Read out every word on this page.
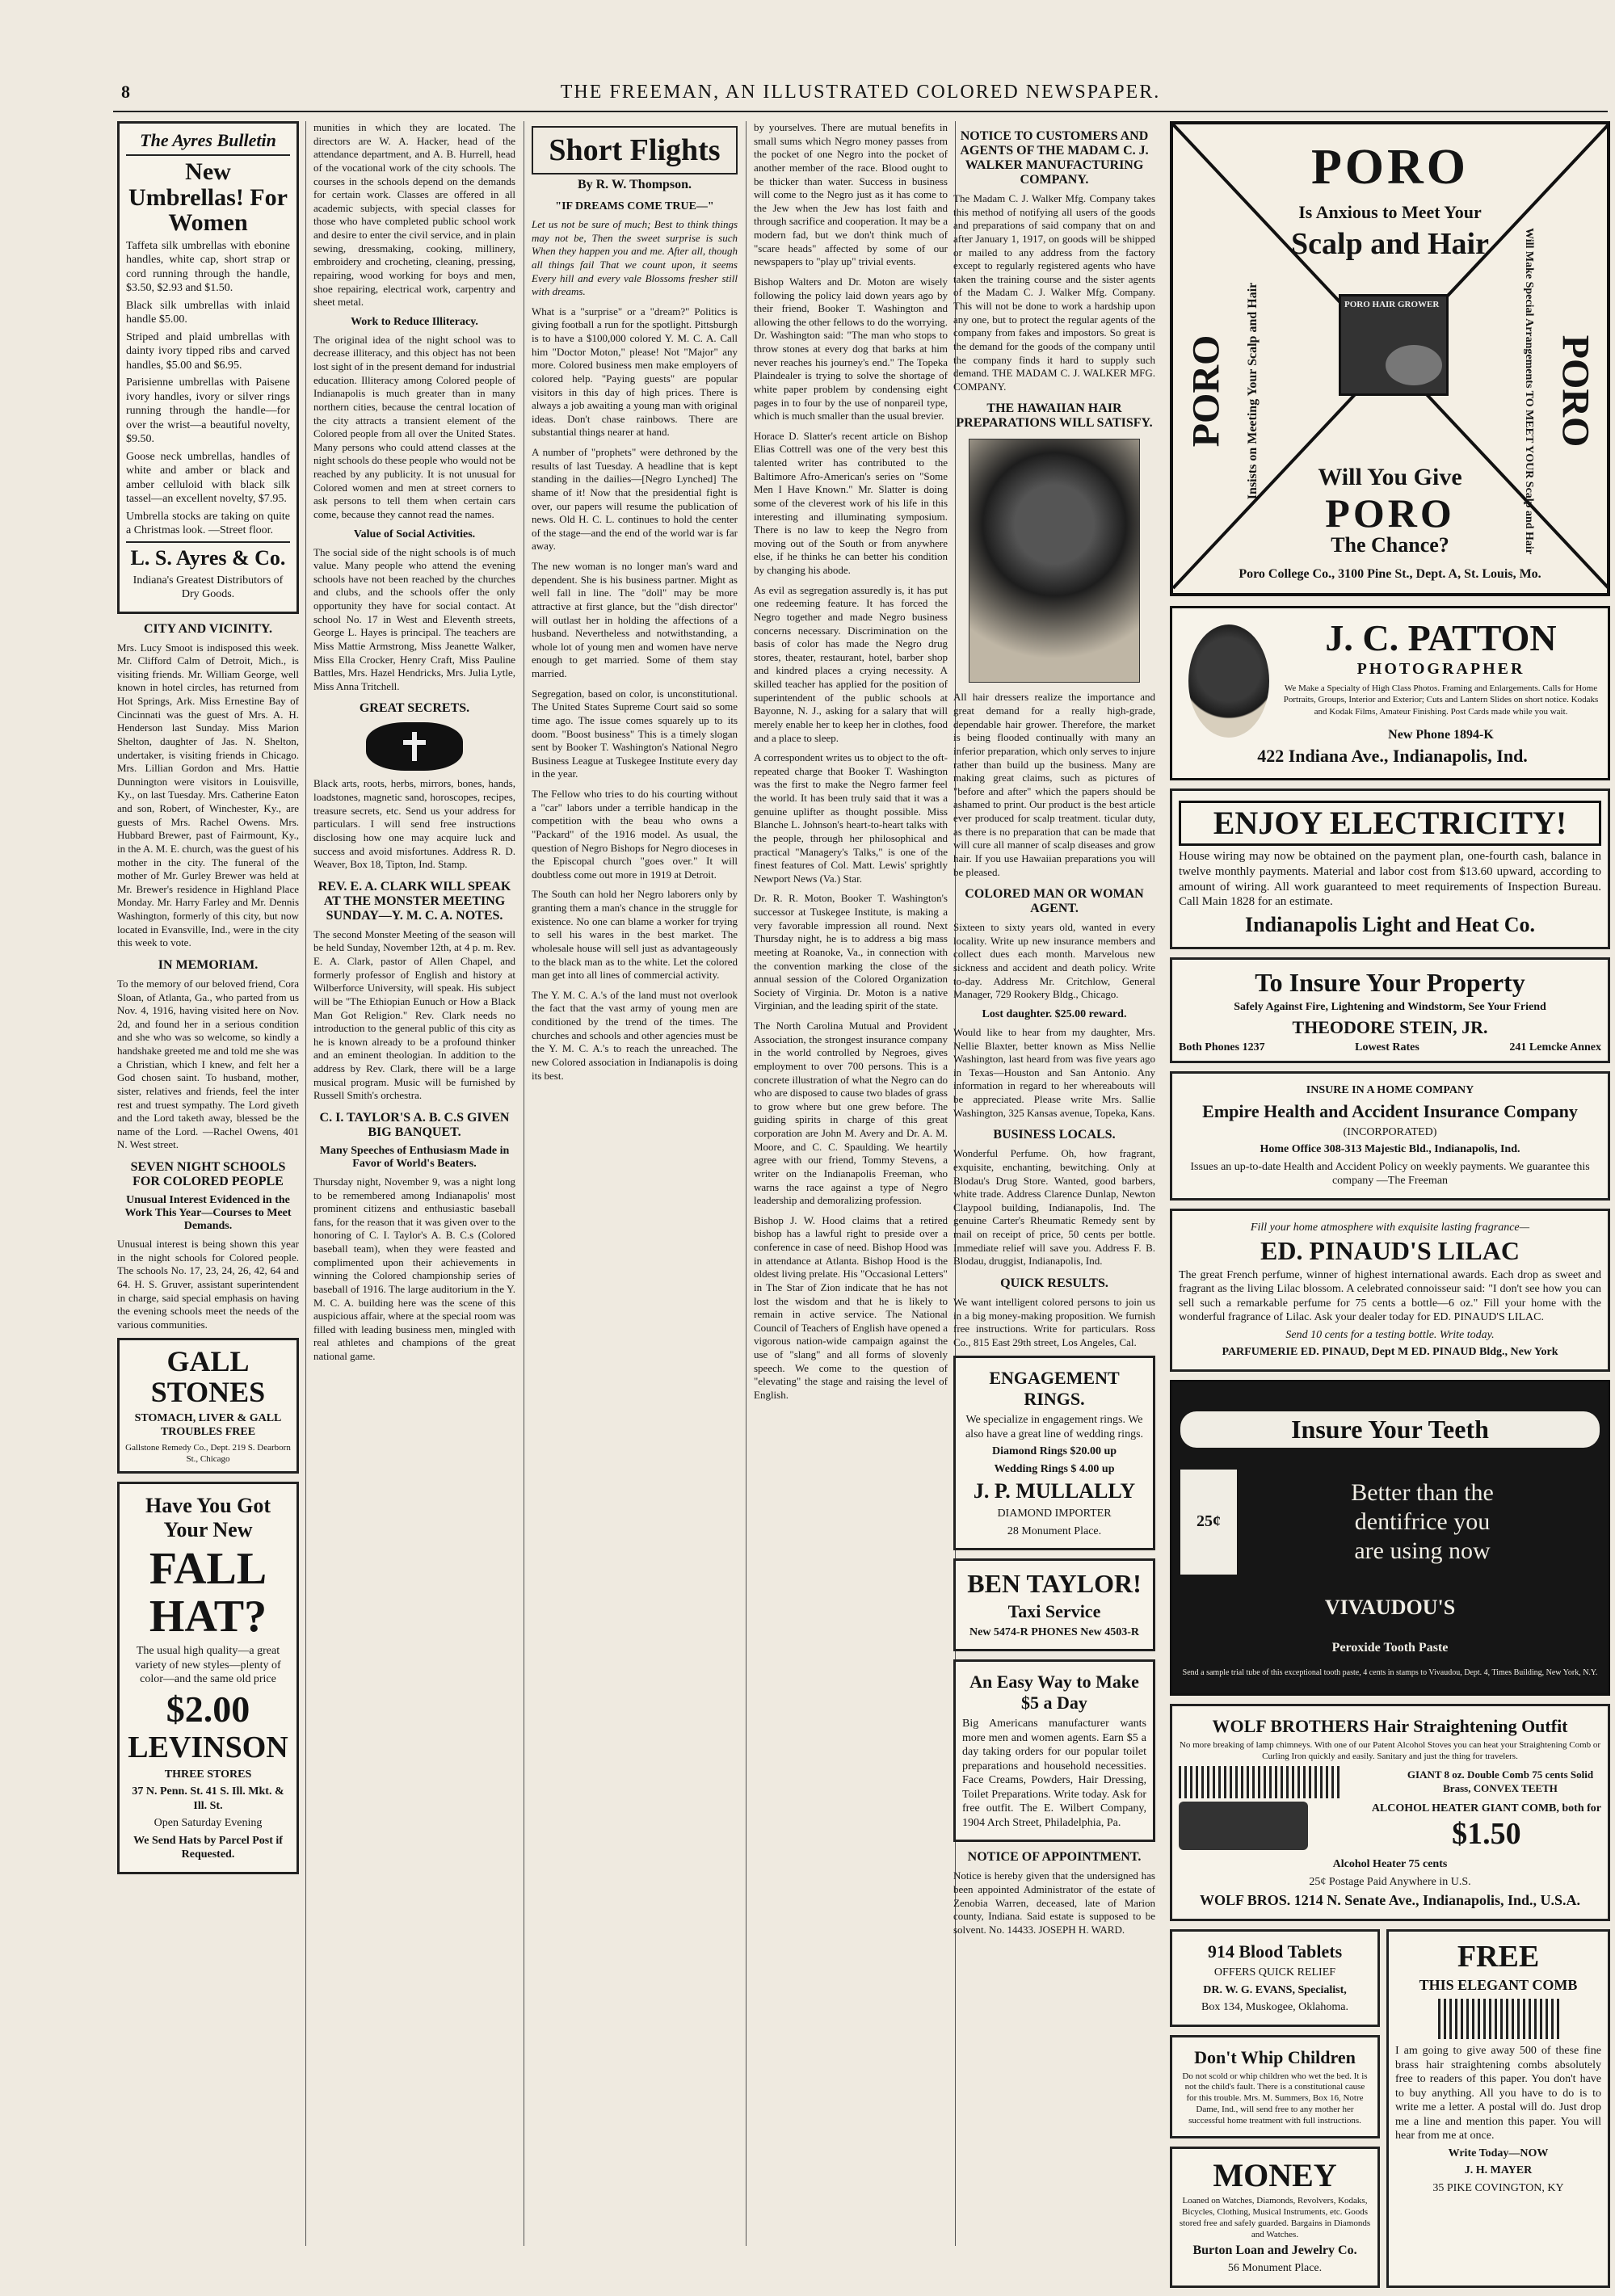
8	THE FREEMAN, AN ILLUSTRATED COLORED NEWSPAPER.
The Ayres Bulletin
New Umbrellas! For Women

Taffeta silk umbrellas with ebonine handles, white cap, short strap or cord running through the handle, $3.50, $2.93 and $1.50.

Black silk umbrellas with inlaid handle $5.00.

Striped and plaid umbrellas with dainty ivory tipped ribs and carved handles, $5.00 and $6.95.

Parisienne umbrellas with Paisene ivory handles, ivory or silver rings running through the handle—for over the wrist—a beautiful novelty, $9.50.

Goose neck umbrellas, handles of white and amber or black and amber celluloid with black silk tassel—an excellent novelty, $7.95.

Umbrella stocks are taking on quite a Christmas look. —Street floor.

L. S. Ayres & Co.

Indiana's Greatest Distributors of Dry Goods.

CITY AND VICINITY.

Mrs. Lucy Smoot is indisposed this week. Mr. Clifford Calm of Detroit, Mich., is visiting friends. Mr. William George, well known in hotel circles, has returned from Hot Springs, Ark. Miss Ernestine Bay of Cincinnati was the guest of Mrs. A. H. Henderson last Sunday. Miss Marion Shelton, daughter of Jas. N. Shelton, undertaker, is visiting friends in Chicago. Mrs. Lillian Gordon and Mrs. Hattie Dunnington were visitors in Louisville, Ky., on last Tuesday. Mrs. Catherine Eaton and son, Robert, of Winchester, Ky., are guests of Mrs. Rachel Owens. Mrs. Hubbard Brewer, past of Fairmount, Ky., in the A. M. E. church, was the guest of his mother in the city. The funeral of the mother of Mr. Gurley Brewer was held at Mr. Brewer's residence in Highland Place Monday. Mr. Harry Farley and Mr. Dennis Washington, formerly of this city, but now located in Evansville, Ind., were in the city this week to vote.

IN MEMORIAM.

To the memory of our beloved friend, Cora Sloan, of Atlanta, Ga., who parted from us Nov. 4, 1916, having visited here on Nov. 2d, and found her in a serious condition and she who was so welcome, so kindly a handshake greeted me and told me she was a Christian, which I knew, and felt her a God chosen saint. To husband, mother, sister, relatives and friends, feel the inter rest and truest sympathy. The Lord giveth and the Lord taketh away, blessed be the name of the Lord. —Rachel Owens, 401 N. West street.

SEVEN NIGHT SCHOOLS FOR COLORED PEOPLE
Unusual Interest Evidenced in the Work This Year—Courses to Meet Demands.

Unusual interest is being shown this year in the night schools for Colored people. The schools No. 17, 23, 24, 26, 42, 64 and 64. H. S. Gruver, assistant superintendent in charge, said special emphasis on having the evening schools meet the needs of the various communities.

GALL STONES

STOMACH, LIVER & GALL TROUBLES FREE

Gallstone Remedy Co., Dept. 219 S. Dearborn St., Chicago

Have You Got Your New
FALL HAT?

The usual high quality—a great variety of new styles—plenty of color—and the same old price

$2.00
LEVINSON

THREE STORES

37 N. Penn. St. 41 S. Ill. Mkt. & Ill. St.

Open Saturday Evening

We Send Hats by Parcel Post if Requested.

munities in which they are located. The directors are W. A. Hacker, head of the attendance department, and A. B. Hurrell, head of the vocational work of the city schools. The courses in the schools depend on the demands for certain work. Classes are offered in all academic subjects, with special classes for those who have completed public school work and desire to enter the civil service, and in plain sewing, dressmaking, cooking, millinery, embroidery and crocheting, cleaning, pressing, repairing, wood working for boys and men, shoe repairing, electrical work, carpentry and sheet metal.

Work to Reduce Illiteracy.

The original idea of the night school was to decrease illiteracy, and this object has not been lost sight of in the present demand for industrial education. Illiteracy among Colored people of Indianapolis is much greater than in many northern cities, because the central location of the city attracts a transient element of the Colored people from all over the United States. Many persons who could attend classes at the night schools do these people who would not be reached by any publicity. It is not unusual for Colored women and men at street corners to ask persons to tell them when certain cars come, because they cannot read the names.

Value of Social Activities.

The social side of the night schools is of much value. Many people who attend the evening schools have not been reached by the churches and clubs, and the schools offer the only opportunity they have for social contact. At school No. 17 in West and Eleventh streets, George L. Hayes is principal. The teachers are Miss Mattie Armstrong, Miss Jeanette Walker, Miss Ella Crocker, Henry Craft, Miss Pauline Battles, Mrs. Hazel Hendricks, Mrs. Julia Lytle, Miss Anna Tritchell.

GREAT SECRETS.

Black arts, roots, herbs, mirrors, bones, hands, loadstones, magnetic sand, horoscopes, recipes, treasure secrets, etc. Send us your address for particulars. I will send free instructions disclosing how one may acquire luck and success and avoid misfortunes. Address R. D. Weaver, Box 18, Tipton, Ind. Stamp.

REV. E. A. CLARK WILL SPEAK AT THE MONSTER MEETING SUNDAY—Y. M. C. A. NOTES.

The second Monster Meeting of the season will be held Sunday, November 12th, at 4 p. m. Rev. E. A. Clark, pastor of Allen Chapel, and formerly professor of English and history at Wilberforce University, will speak. His subject will be "The Ethiopian Eunuch or How a Black Man Got Religion." Rev. Clark needs no introduction to the general public of this city as he is known already to be a profound thinker and an eminent theologian. In addition to the address by Rev. Clark, there will be a large musical program. Music will be furnished by Russell Smith's orchestra.

C. I. TAYLOR'S A. B. C.S GIVEN BIG BANQUET.
Many Speeches of Enthusiasm Made in Favor of World's Beaters.

Thursday night, November 9, was a night long to be remembered among Indianapolis' most prominent citizens and enthusiastic baseball fans, for the reason that it was given over to the honoring of C. I. Taylor's A. B. C.s (Colored baseball team), when they were feasted and complimented upon their achievements in winning the Colored championship series of baseball of 1916. The large auditorium in the Y. M. C. A. building here was the scene of this auspicious affair, where at the special room was filled with leading business men, mingled with real athletes and champions of the great national game.

Short Flights
By R. W. Thompson.
"IF DREAMS COME TRUE—"

Let us not be sure of much; Best to think things may not be, Then the sweet surprise is such When they happen you and me. After all, though all things fail That we count upon, it seems Every hill and every vale Blossoms fresher still with dreams.

What is a "surprise" or a "dream?" Politics is giving football a run for the spotlight. Pittsburgh is to have a $100,000 colored Y. M. C. A. Call him "Doctor Moton," please! Not "Major" any more. Colored business men make employers of colored help. "Paying guests" are popular visitors in this day of high prices. There is always a job awaiting a young man with original ideas. Don't chase rainbows. There are substantial things nearer at hand.

A number of "prophets" were dethroned by the results of last Tuesday. A headline that is kept standing in the dailies—[Negro Lynched] The shame of it! Now that the presidential fight is over, our papers will resume the publication of news. Old H. C. L. continues to hold the center of the stage—and the end of the world war is far away.

The new woman is no longer man's ward and dependent. She is his business partner. Might as well fall in line. The "doll" may be more attractive at first glance, but the "dish director" will outlast her in holding the affections of a husband. Nevertheless and notwithstanding, a whole lot of young men and women have nerve enough to get married. Some of them stay married.

Segregation, based on color, is unconstitutional. The United States Supreme Court said so some time ago. The issue comes squarely up to its doom. "Boost business" This is a timely slogan sent by Booker T. Washington's National Negro Business League at Tuskegee Institute every day in the year.

The Fellow who tries to do his courting without a "car" labors under a terrible handicap in the competition with the beau who owns a "Packard" of the 1916 model. As usual, the question of Negro Bishops for Negro dioceses in the Episcopal church "goes over." It will doubtless come out more in 1919 at Detroit.

The South can hold her Negro laborers only by granting them a man's chance in the struggle for existence. No one can blame a worker for trying to sell his wares in the best market. The wholesale house will sell just as advantageously to the black man as to the white. Let the colored man get into all lines of commercial activity.

The Y. M. C. A.'s of the land must not overlook the fact that the vast army of young men are conditioned by the trend of the times. The churches and schools and other agencies must be the Y. M. C. A.'s to reach the unreached. The new Colored association in Indianapolis is doing its best.

by yourselves. There are mutual benefits in small sums which Negro money passes from the pocket of one Negro into the pocket of another member of the race. Blood ought to be thicker than water. Success in business will come to the Negro just as it has come to the Jew when the Jew has lost faith and through sacrifice and cooperation. It may be a modern fad, but we don't think much of "scare heads" affected by some of our newspapers to "play up" trivial events.

Bishop Walters and Dr. Moton are wisely following the policy laid down years ago by their friend, Booker T. Washington and allowing the other fellows to do the worrying. Dr. Washington said: "The man who stops to throw stones at every dog that barks at him never reaches his journey's end." The Topeka Plaindealer is trying to solve the shortage of white paper problem by condensing eight pages in to four by the use of nonpareil type, which is much smaller than the usual brevier.

Horace D. Slatter's recent article on Bishop Elias Cottrell was one of the very best this talented writer has contributed to the Baltimore Afro-American's series on "Some Men I Have Known." Mr. Slatter is doing some of the cleverest work of his life in this interesting and illuminating symposium. There is no law to keep the Negro from moving out of the South or from anywhere else, if he thinks he can better his condition by changing his abode.

As evil as segregation assuredly is, it has put one redeeming feature. It has forced the Negro together and made Negro business concerns necessary. Discrimination on the basis of color has made the Negro drug stores, theater, restaurant, hotel, barber shop and kindred places a crying necessity. A skilled teacher has applied for the position of superintendent of the public schools at Bayonne, N. J., asking for a salary that will merely enable her to keep her in clothes, food and a place to sleep.

A correspondent writes us to object to the oft-repeated charge that Booker T. Washington was the first to make the Negro farmer feel the world. It has been truly said that it was a genuine uplifter as thought possible. Miss Blanche L. Johnson's heart-to-heart talks with the people, through her philosophical and practical "Managery's Talks," is one of the finest features of Col. Matt. Lewis' sprightly Newport News (Va.) Star.

Dr. R. R. Moton, Booker T. Washington's successor at Tuskegee Institute, is making a very favorable impression all round. Next Thursday night, he is to address a big mass meeting at Roanoke, Va., in connection with the convention marking the close of the annual session of the Colored Organization Society of Virginia. Dr. Moton is a native Virginian, and the leading spirit of the state.

The North Carolina Mutual and Provident Association, the strongest insurance company in the world controlled by Negroes, gives employment to over 700 persons. This is a concrete illustration of what the Negro can do who are disposed to cause two blades of grass to grow where but one grew before. The guiding spirits in charge of this great corporation are John M. Avery and Dr. A. M. Moore, and C. C. Spaulding. We heartily agree with our friend, Tommy Stevens, a writer on the Indianapolis Freeman, who warns the race against a type of Negro leadership and demoralizing profession.

Bishop J. W. Hood claims that a retired bishop has a lawful right to preside over a conference in case of need. Bishop Hood was in attendance at Atlanta. Bishop Hood is the oldest living prelate. His "Occasional Letters" in The Star of Zion indicate that he has not lost the wisdom and that he is likely to remain in active service. The National Council of Teachers of English have opened a vigorous nation-wide campaign against the use of "slang" and all forms of slovenly speech. We come to the question of "elevating" the stage and raising the level of English.

NOTICE TO CUSTOMERS AND AGENTS OF THE MADAM C. J. WALKER MANUFACTURING COMPANY.

The Madam C. J. Walker Mfg. Company takes this method of notifying all users of the goods and preparations of said company that on and after January 1, 1917, on goods will be shipped or mailed to any address from the factory except to regularly registered agents who have taken the training course and the sister agents of the Madam C. J. Walker Mfg. Company. This will not be done to work a hardship upon any one, but to protect the regular agents of the company from fakes and impostors. So great is the demand for the goods of the company until the company finds it hard to supply such demand. THE MADAM C. J. WALKER MFG. COMPANY.

THE HAWAIIAN HAIR PREPARATIONS WILL SATISFY.

All hair dressers realize the importance and great demand for a really high-grade, dependable hair grower. Therefore, the market is being flooded continually with many an inferior preparation, which only serves to injure rather than build up the business. Many are making great claims, such as pictures of "before and after" which the papers should be ashamed to print. Our product is the best article ever produced for scalp treatment. ticular duty, as there is no preparation that can be made that will cure all manner of scalp diseases and grow hair. If you use Hawaiian preparations you will be pleased.

COLORED MAN OR WOMAN AGENT.

Sixteen to sixty years old, wanted in every locality. Write up new insurance members and collect dues each month. Marvelous new sickness and accident and death policy. Write to-day. Address Mr. Critchlow, General Manager, 729 Rookery Bldg., Chicago.

Lost daughter. $25.00 reward.

Would like to hear from my daughter, Mrs. Nellie Blaxter, better known as Miss Nellie Washington, last heard from was five years ago in Texas—Houston and San Antonio. Any information in regard to her whereabouts will be appreciated. Please write Mrs. Sallie Washington, 325 Kansas avenue, Topeka, Kans.

BUSINESS LOCALS.

Wonderful Perfume. Oh, how fragrant, exquisite, enchanting, bewitching. Only at Blodau's Drug Store. Wanted, good barbers, white trade. Address Clarence Dunlap, Newton Claypool building, Indianapolis, Ind. The genuine Carter's Rheumatic Remedy sent by mail on receipt of price, 50 cents per bottle. Immediate relief will save you. Address F. B. Blodau, druggist, Indianapolis, Ind.

QUICK RESULTS.

We want intelligent colored persons to join us in a big money-making proposition. We furnish free instructions. Write for particulars. Ross Co., 815 East 29th street, Los Angeles, Cal.

ENGAGEMENT RINGS.

We specialize in engagement rings. We also have a great line of wedding rings.

Diamond Rings $20.00 up

Wedding Rings $ 4.00 up

J. P. MULLALLY

DIAMOND IMPORTER

28 Monument Place.

BEN TAYLOR!
Taxi Service

New 5474-R PHONES New 4503-R

An Easy Way to Make $5 a Day

Big Americans manufacturer wants more men and women agents. Earn $5 a day taking orders for our popular toilet preparations and household necessities. Face Creams, Powders, Hair Dressing, Toilet Preparations. Write today. Ask for free outfit. The E. Wilbert Company, 1904 Arch Street, Philadelphia, Pa.

NOTICE OF APPOINTMENT.

Notice is hereby given that the undersigned has been appointed Administrator of the estate of Zenobia Warren, deceased, late of Marion county, Indiana. Said estate is supposed to be solvent. No. 14433. JOSEPH H. WARD.

PORO
Is Anxious to Meet Your
Scalp and Hair
PORO Insists on Meeting Your Scalp and Hair	PORO
Will Make Special Arrangements TO MEET YOUR Scalp and Hair
PORO HAIR GROWER
Will You Give
PORO
The Chance?
Poro College Co., 3100 Pine St., Dept. A, St. Louis, Mo.
J. C. PATTON
PHOTOGRAPHER
We Make a Specialty of High Class Photos. Framing and Enlargements. Calls for Home Portraits, Groups, Interior and Exterior; Cuts and Lantern Slides on short notice. Kodaks and Kodak Films, Amateur Finishing. Post Cards made while you wait.
New Phone 1894-K
422 Indiana Ave., Indianapolis, Ind.
ENJOY ELECTRICITY!

House wiring may now be obtained on the payment plan, one-fourth cash, balance in twelve monthly payments. Material and labor cost from $13.60 upward, according to amount of wiring. All work guaranteed to meet requirements of Inspection Bureau. Call Main 1828 for an estimate.

Indianapolis Light and Heat Co.
To Insure Your Property

Safely Against Fire, Lightening and Windstorm, See Your Friend

THEODORE STEIN, JR.
Both Phones 1237	Lowest Rates	241 Lemcke Annex

INSURE IN A HOME COMPANY

Empire Health and Accident Insurance Company

(INCORPORATED)

Home Office 308-313 Majestic Bld., Indianapolis, Ind.

Issues an up-to-date Health and Accident Policy on weekly payments. We guarantee this company —The Freeman

Fill your home atmosphere with exquisite lasting fragrance—

ED. PINAUD'S LILAC

The great French perfume, winner of highest international awards. Each drop as sweet and fragrant as the living Lilac blossom. A celebrated connoisseur said: "I don't see how you can sell such a remarkable perfume for 75 cents a bottle—6 oz." Fill your home with the wonderful fragrance of Lilac. Ask your dealer today for ED. PINAUD'S LILAC.

Send 10 cents for a testing bottle. Write today.

PARFUMERIE ED. PINAUD, Dept M ED. PINAUD Bldg., New York

Insure Your Teeth
25¢
Better than the
dentifrice you
are using now
VIVAUDOU'S

Peroxide Tooth Paste

Send a sample trial tube of this exceptional tooth paste, 4 cents in stamps to Vivaudou, Dept. 4, Times Building, New York, N.Y.

WOLF BROTHERS Hair Straightening Outfit

No more breaking of lamp chimneys. With one of our Patent Alcohol Stoves you can heat your Straightening Comb or Curling Iron quickly and easily. Sanitary and just the thing for travelers.

GIANT 8 oz. Double Comb 75 cents Solid Brass, CONVEX TEETH

ALCOHOL HEATER GIANT COMB, both for

$1.50

Alcohol Heater 75 cents

25¢ Postage Paid Anywhere in U.S.

WOLF BROS. 1214 N. Senate Ave., Indianapolis, Ind., U.S.A.
914 Blood Tablets

OFFERS QUICK RELIEF

DR. W. G. EVANS, Specialist,

Box 134, Muskogee, Oklahoma.

Don't Whip Children

Do not scold or whip children who wet the bed. It is not the child's fault. There is a constitutional cause for this trouble. Mrs. M. Summers, Box 16, Notre Dame, Ind., will send free to any mother her successful home treatment with full instructions.

MONEY

Loaned on Watches, Diamonds, Revolvers, Kodaks, Bicycles, Clothing, Musical Instruments, etc. Goods stored free and safely guarded. Bargains in Diamonds and Watches.

Burton Loan and Jewelry Co.

56 Monument Place.

FREE
THIS ELEGANT COMB

I am going to give away 500 of these fine brass hair straightening combs absolutely free to readers of this paper. You don't have to buy anything. All you have to do is to write me a letter. A postal will do. Just drop me a line and mention this paper. You will hear from me at once.

Write Today—NOW

J. H. MAYER

35 PIKE COVINGTON, KY
